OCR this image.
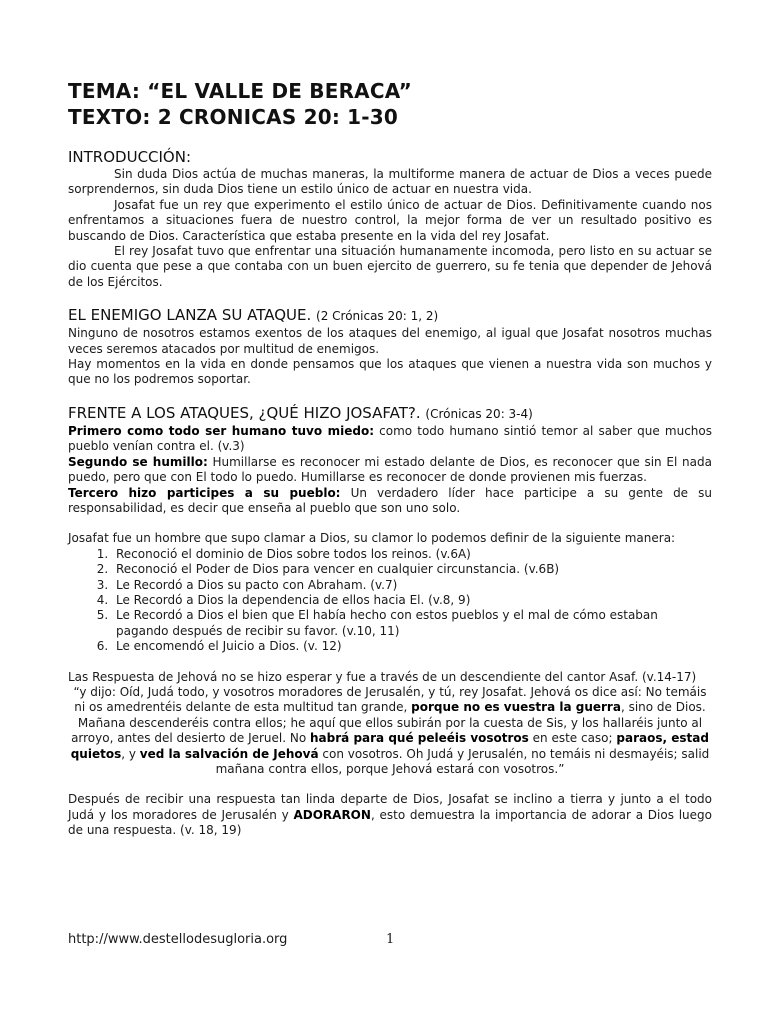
TEMA: “EL VALLE DE BERACA”
TEXTO: 2 CRONICAS 20: 1-30
INTRODUCCIÓN:

Sin duda Dios actúa de muchas maneras, la multiforme manera de actuar de Dios a veces puede sorprendernos, sin duda Dios tiene un estilo único de actuar en nuestra vida.

Josafat fue un rey que experimento el estilo único de actuar de Dios. Definitivamente cuando nos enfrentamos a situaciones fuera de nuestro control, la mejor forma de ver un resultado positivo es buscando de Dios. Característica que estaba presente en la vida del rey Josafat.

El rey Josafat tuvo que enfrentar una situación humanamente incomoda, pero listo en su actuar se dio cuenta que pese a que contaba con un buen ejercito de guerrero, su fe tenia que depender de Jehová de los Ejércitos.

EL ENEMIGO LANZA SU ATAQUE. (2 Crónicas 20: 1, 2)

Ninguno de nosotros estamos exentos de los ataques del enemigo, al igual que Josafat nosotros muchas veces seremos atacados por multitud de enemigos.

Hay momentos en la vida en donde pensamos que los ataques que vienen a nuestra vida son muchos y que no los podremos soportar.

FRENTE A LOS ATAQUES, ¿QUÉ HIZO JOSAFAT?. (Crónicas 20: 3-4)

Primero como todo ser humano tuvo miedo: como todo humano sintió temor al saber que muchos pueblo venían contra el. (v.3)

Segundo se humillo: Humillarse es reconocer mi estado delante de Dios, es reconocer que sin El nada puedo, pero que con El todo lo puedo. Humillarse es reconocer de donde provienen mis fuerzas.

Tercero hizo participes a su pueblo: Un verdadero líder hace participe a su gente de su responsabilidad, es decir que enseña al pueblo que son uno solo.

Josafat fue un hombre que supo clamar a Dios, su clamor lo podemos definir de la siguiente manera:

1. Reconoció el dominio de Dios sobre todos los reinos. (v.6A)
2. Reconoció el Poder de Dios para vencer en cualquier circunstancia. (v.6B)
3. Le Recordó a Dios su pacto con Abraham. (v.7)
4. Le Recordó a Dios la dependencia de ellos hacia El. (v.8, 9)
5. Le Recordó a Dios el bien que El había hecho con estos pueblos y el mal de cómo estaban pagando después de recibir su favor. (v.10, 11)
6. Le encomendó el Juicio a Dios. (v. 12)

Las Respuesta de Jehová no se hizo esperar y fue a través de un descendiente del cantor Asaf. (v.14-17)

“y dijo: Oíd, Judá todo, y vosotros moradores de Jerusalén, y tú, rey Josafat. Jehová os dice así: No temáis ni os amedrentéis delante de esta multitud tan grande, porque no es vuestra la guerra, sino de Dios. Mañana descenderéis contra ellos; he aquí que ellos subirán por la cuesta de Sis, y los hallaréis junto al arroyo, antes del desierto de Jeruel. No habrá para qué peleéis vosotros en este caso; paraos, estad quietos, y ved la salvación de Jehová con vosotros. Oh Judá y Jerusalén, no temáis ni desmayéis; salid mañana contra ellos, porque Jehová estará con vosotros.”

Después de recibir una respuesta tan linda departe de Dios, Josafat se inclino a tierra y junto a el todo Judá y los moradores de Jerusalén y ADORARON, esto demuestra la importancia de adorar a Dios luego de una respuesta. (v. 18, 19)

http://www.destellodesugloria.org	1
